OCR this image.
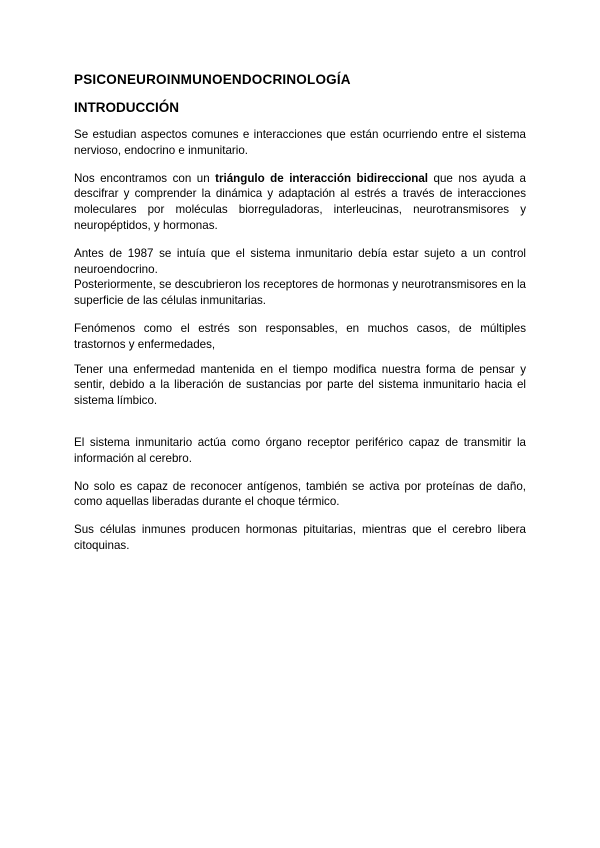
PSICONEUROINMUNOENDOCRINOLOGÍA
INTRODUCCIÓN

Se estudian aspectos comunes e interacciones que están ocurriendo entre el sistema nervioso, endocrino e inmunitario.

Nos encontramos con un triángulo de interacción bidireccional que nos ayuda a descifrar y comprender la dinámica y adaptación al estrés a través de interacciones moleculares por moléculas biorreguladoras, interleucinas, neurotransmisores y neuropéptidos, y hormonas.

Antes de 1987 se intuía que el sistema inmunitario debía estar sujeto a un control neuroendocrino.

Posteriormente, se descubrieron los receptores de hormonas y neurotransmisores en la superficie de las células inmunitarias.

Fenómenos como el estrés son responsables, en muchos casos, de múltiples trastornos y enfermedades,

Tener una enfermedad mantenida en el tiempo modifica nuestra forma de pensar y sentir, debido a la liberación de sustancias por parte del sistema inmunitario hacia el sistema límbico.

El sistema inmunitario actúa como órgano receptor periférico capaz de transmitir la información al cerebro.

No solo es capaz de reconocer antígenos, también se activa por proteínas de daño, como aquellas liberadas durante el choque térmico.

Sus células inmunes producen hormonas pituitarias, mientras que el cerebro libera citoquinas.
